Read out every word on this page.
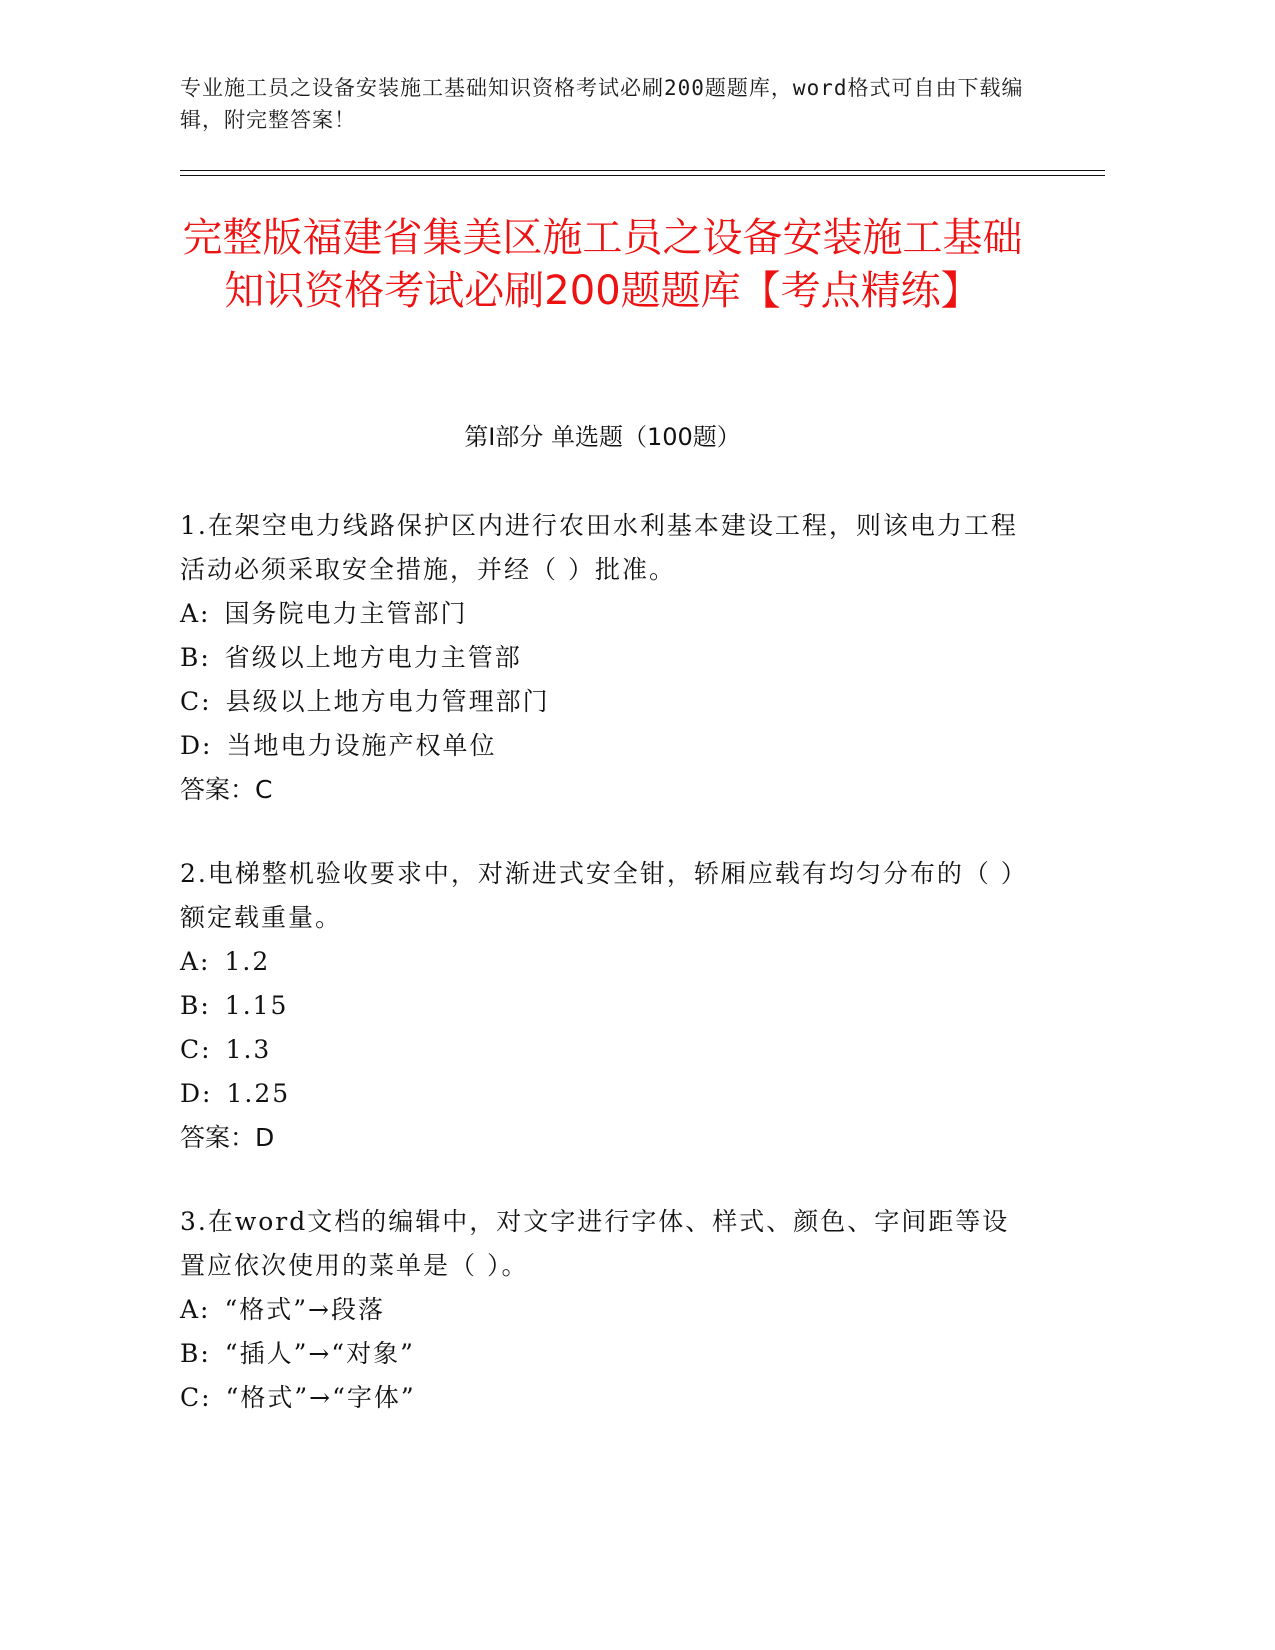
专业施工员之设备安装施工基础知识资格考试必刷200题题库，word格式可自由下载编辑，附完整答案！
完整版福建省集美区施工员之设备安装施工基础知识资格考试必刷200题题库【考点精练】
第Ⅰ部分 单选题（100题）

1.在架空电力线路保护区内进行农田水利基本建设工程，则该电力工程活动必须采取安全措施，并经（ ）批准。

A: 国务院电力主管部门
B: 省级以上地方电力主管部
C: 县级以上地方电力管理部门
D: 当地电力设施产权单位
答案：C

2.电梯整机验收要求中，对渐进式安全钳，轿厢应载有均匀分布的（ ）额定载重量。

A: 1.2
B: 1.15
C: 1.3
D: 1.25
答案：D

3.在word文档的编辑中，对文字进行字体、样式、颜色、字间距等设置应依次使用的菜单是（ ）。

A: “格式”→段落
B: “插人”→“对象”
C: “格式”→“字体”
